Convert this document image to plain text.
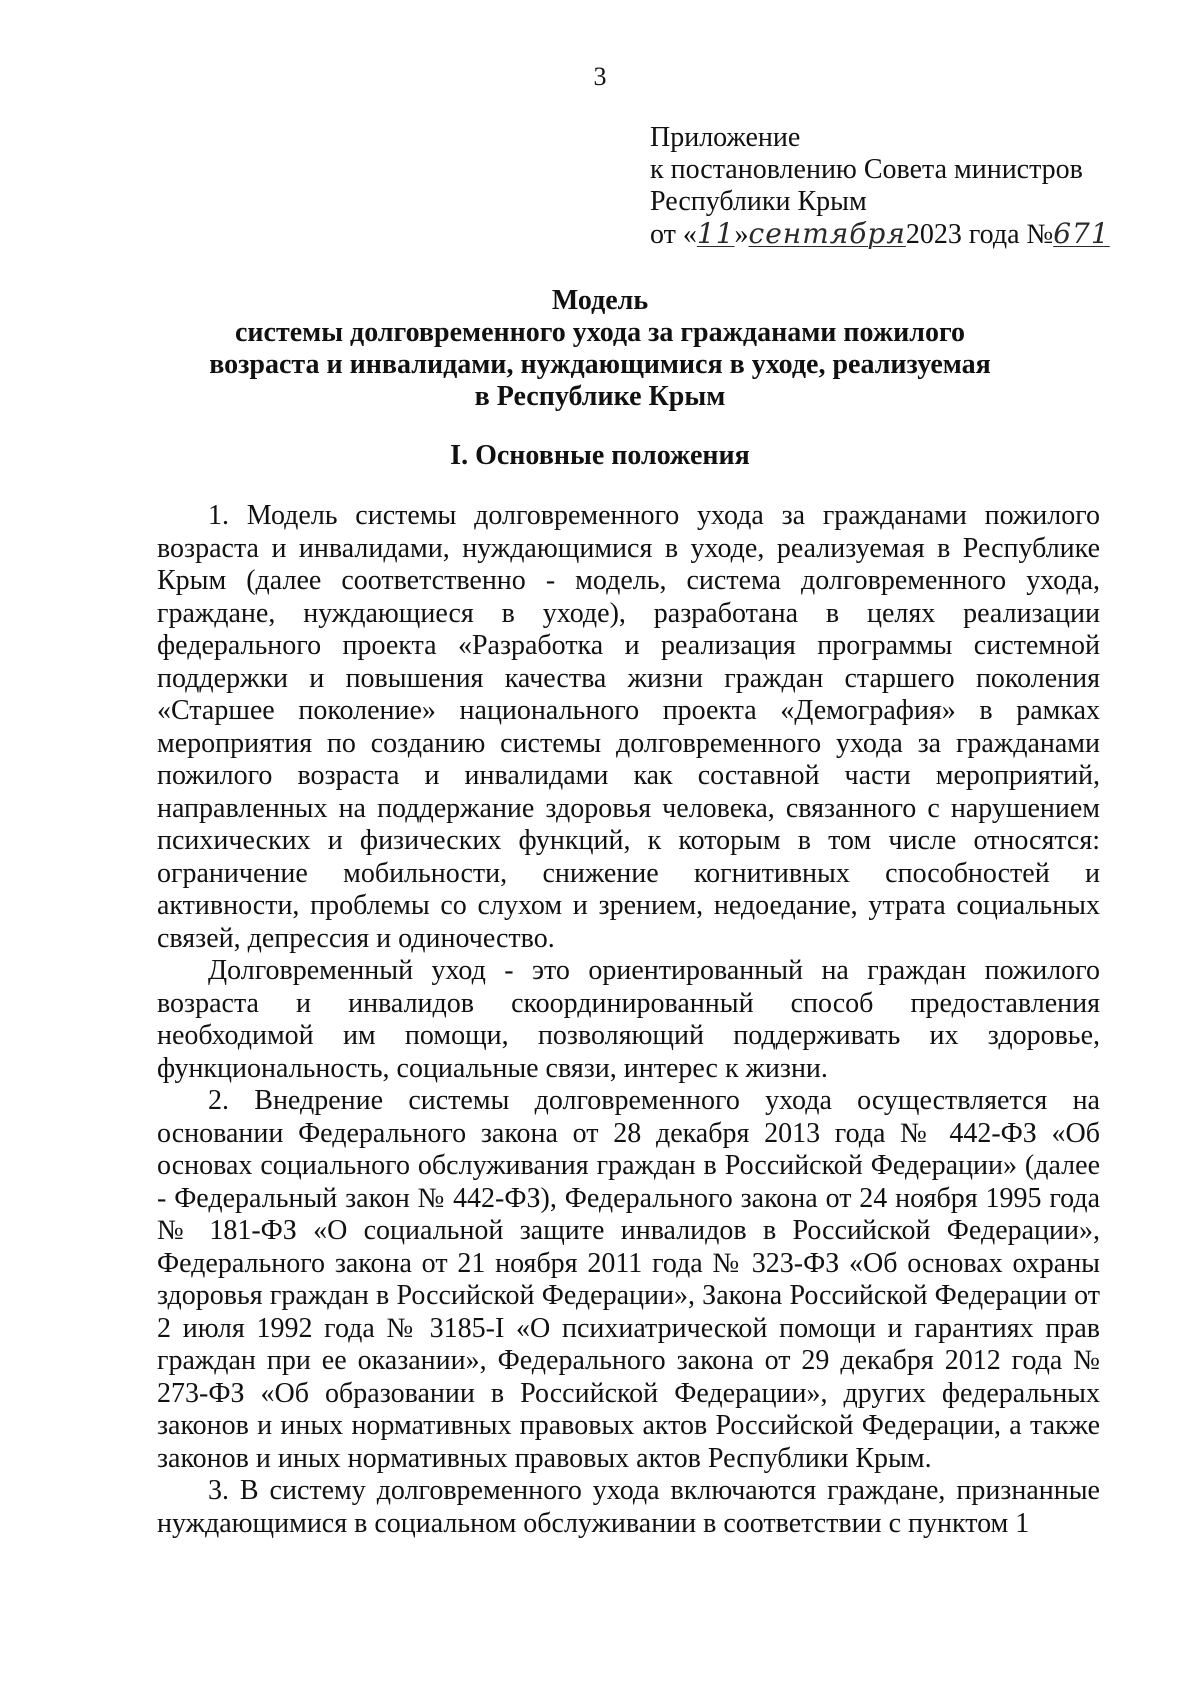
3
Приложение
к постановлению Совета министров
Республики Крым
от «11»сентября2023 года №671
Модель
системы долговременного ухода за гражданами пожилого
возраста и инвалидами, нуждающимися в уходе, реализуемая
в Республике Крым
I. Основные положения

1. Модель системы долговременного ухода за гражданами пожилого возраста и инвалидами, нуждающимися в уходе, реализуемая в Республике Крым (далее соответственно - модель, система долговременного ухода, граждане, нуждающиеся в уходе), разработана в целях реализации федерального проекта «Разработка и реализация программы системной поддержки и повышения качества жизни граждан старшего поколения «Старшее поколение» национального проекта «Демография» в рамках мероприятия по созданию системы долговременного ухода за гражданами пожилого возраста и инвалидами как составной части мероприятий, направленных на поддержание здоровья человека, связанного с нарушением психических и физических функций, к которым в том числе относятся: ограничение мобильности, снижение когнитивных способностей и активности, проблемы со слухом и зрением, недоедание, утрата социальных связей, депрессия и одиночество.

Долговременный уход - это ориентированный на граждан пожилого возраста и инвалидов скоординированный способ предоставления необходимой им помощи, позволяющий поддерживать их здоровье, функциональность, социальные связи, интерес к жизни.

2. Внедрение системы долговременного ухода осуществляется на основании Федерального закона от 28 декабря 2013 года № 442-ФЗ «Об основах социального обслуживания граждан в Российской Федерации» (далее - Федеральный закон № 442-ФЗ), Федерального закона от 24 ноября 1995 года № 181-ФЗ «О социальной защите инвалидов в Российской Федерации», Федерального закона от 21 ноября 2011 года № 323-ФЗ «Об основах охраны здоровья граждан в Российской Федерации», Закона Российской Федерации от 2 июля 1992 года № 3185-I «О психиатрической помощи и гарантиях прав граждан при ее оказании», Федерального закона от 29 декабря 2012 года № 273-ФЗ «Об образовании в Российской Федерации», других федеральных законов и иных нормативных правовых актов Российской Федерации, а также законов и иных нормативных правовых актов Республики Крым.

3. В систему долговременного ухода включаются граждане, признанные нуждающимися в социальном обслуживании в соответствии с пунктом 1
